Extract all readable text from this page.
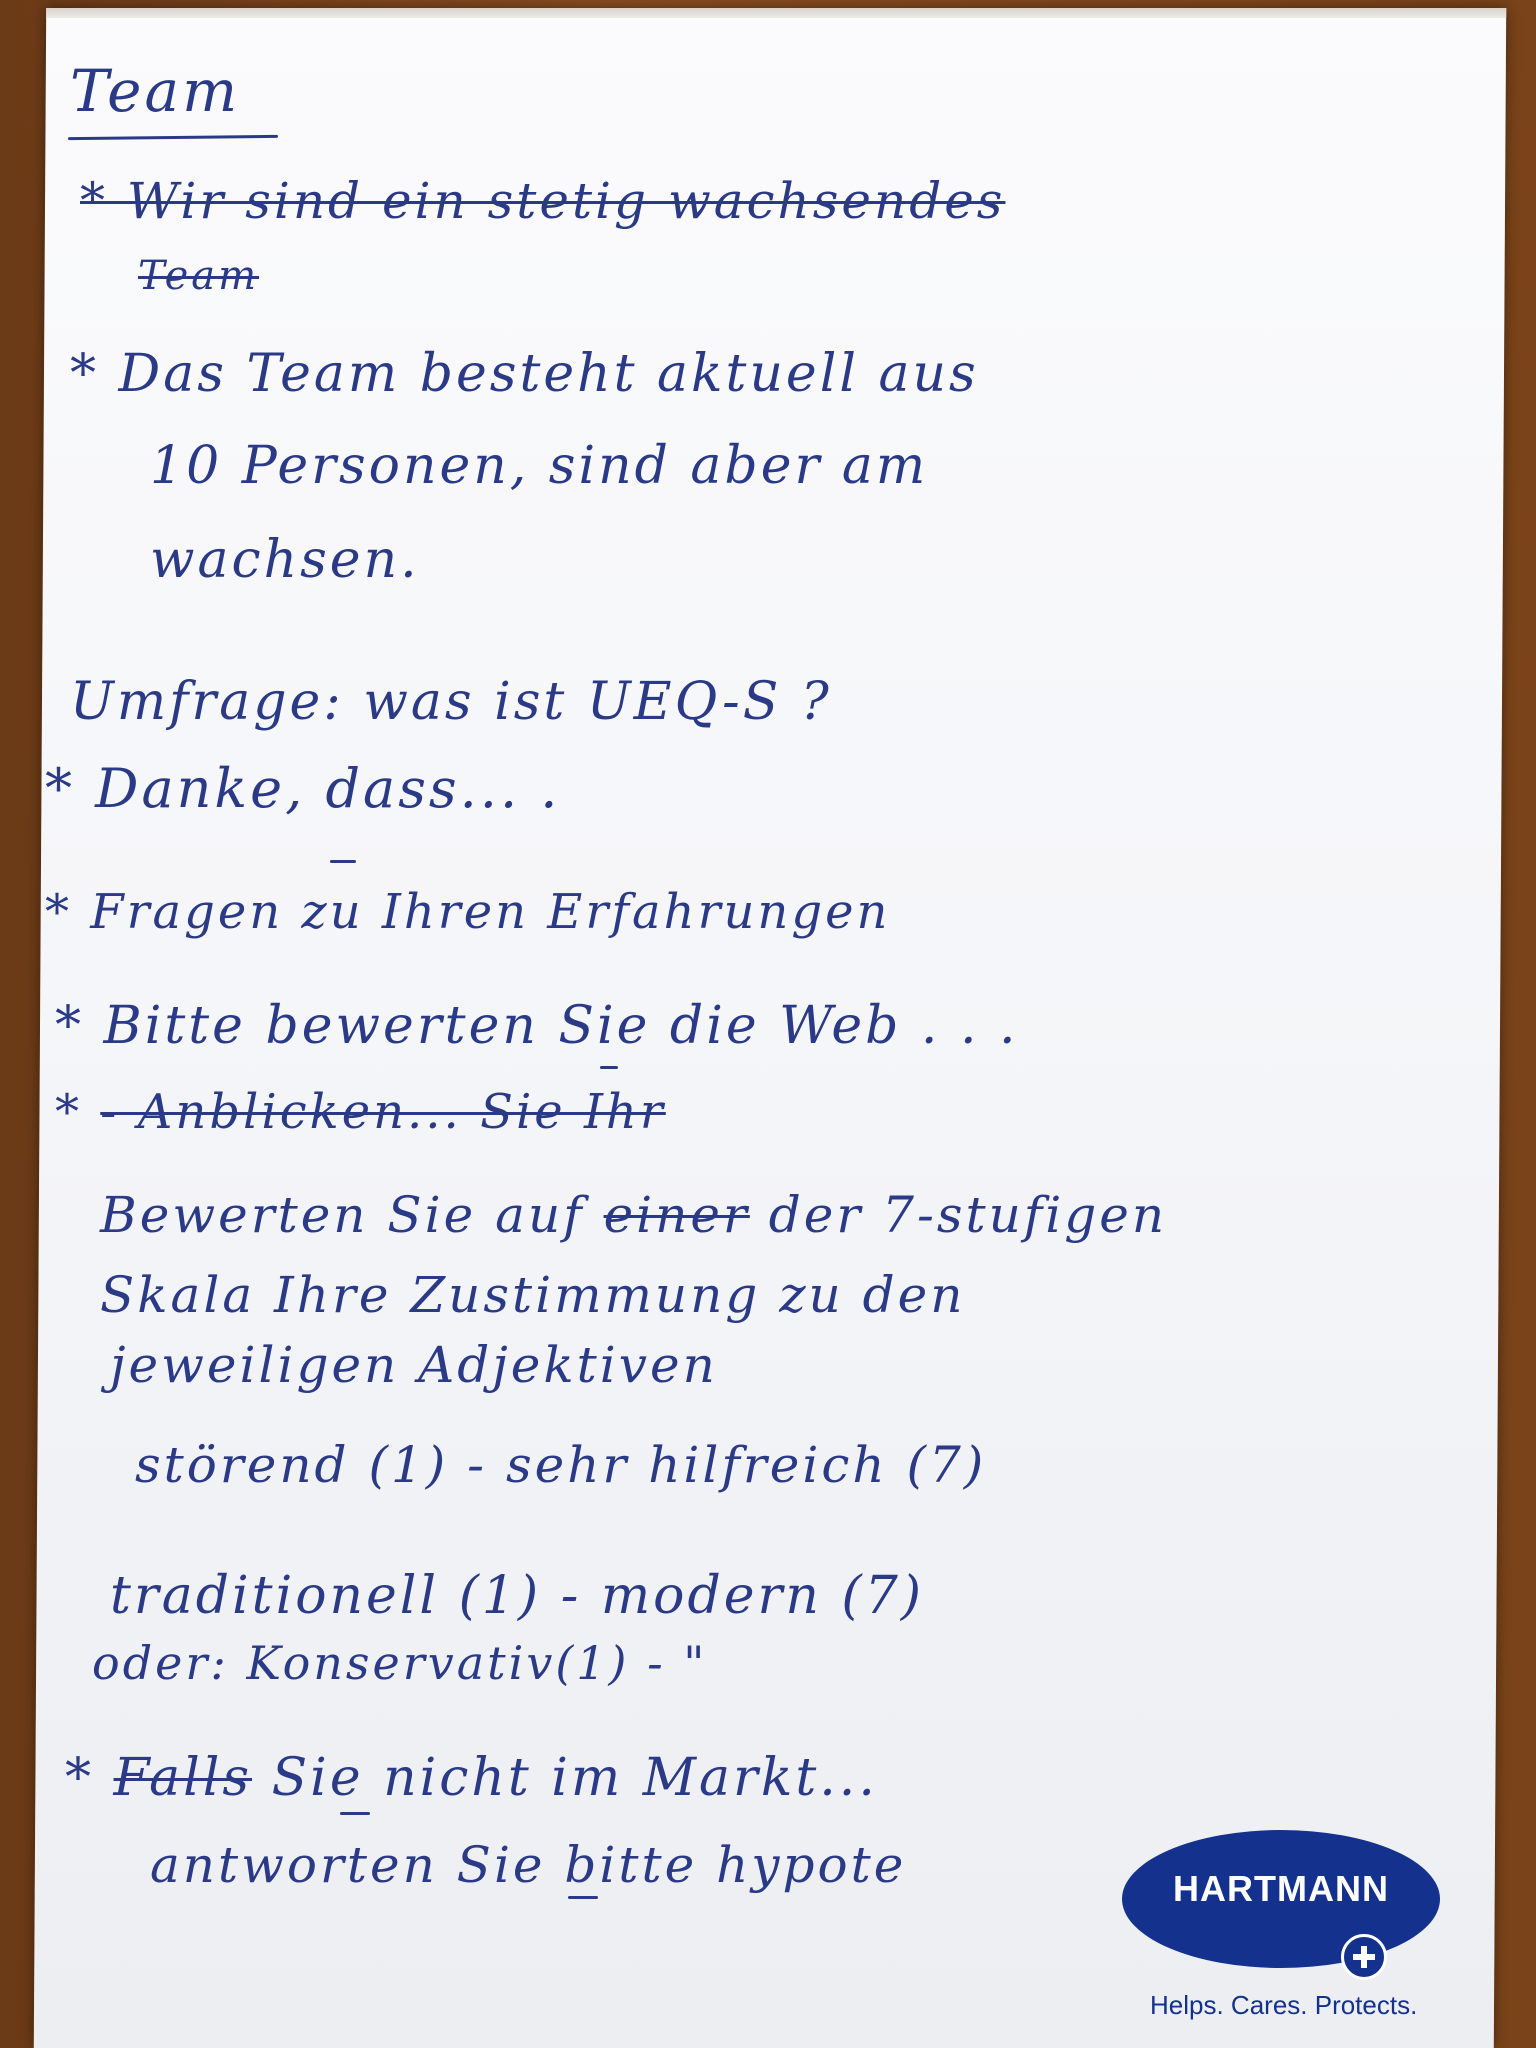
Team
* Wir sind ein stetig wachsendes
Team
* Das Team besteht aktuell aus
10 Personen, sind aber am
wachsen.
Umfrage: was ist UEQ-S ?
* Danke, dass... .
* Fragen zu Ihren Erfahrungen
* Bitte bewerten Sie die Web . . .
* - Anblicken... Sie Ihr
Bewerten Sie auf einer der 7-stufigen
Skala Ihre Zustimmung zu den
jeweiligen Adjektiven
störend (1) - sehr hilfreich (7)
traditionell (1) - modern (7)
oder: Konservativ(1) - "
* Falls Sie nicht im Markt...
antworten Sie bitte hypote	HARTMANN
Helps. Cares. Protects.
